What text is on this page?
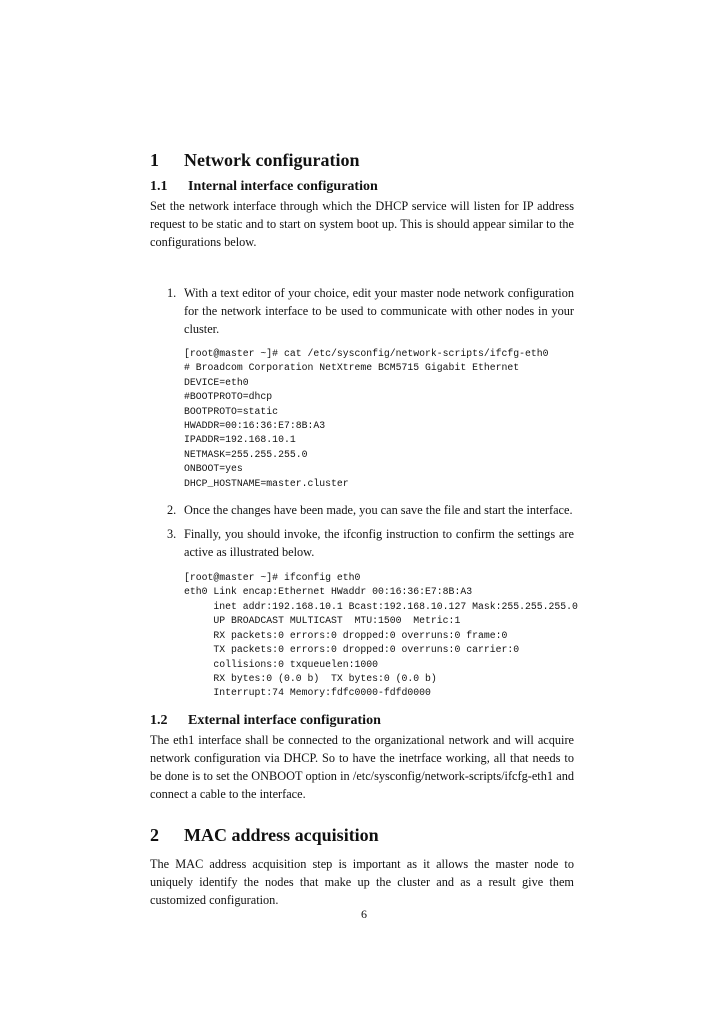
1 Network configuration
1.1 Internal interface configuration

Set the network interface through which the DHCP service will listen for IP address request to be static and to start on system boot up. This is should appear similar to the configurations below.

1. With a text editor of your choice, edit your master node network configuration for the network interface to be used to communicate with other nodes in your cluster.
[root@master ~]# cat /etc/sysconfig/network-scripts/ifcfg-eth0
# Broadcom Corporation NetXtreme BCM5715 Gigabit Ethernet
DEVICE=eth0
#BOOTPROTO=dhcp
BOOTPROTO=static
HWADDR=00:16:36:E7:8B:A3
IPADDR=192.168.10.1
NETMASK=255.255.255.0
ONBOOT=yes
DHCP_HOSTNAME=master.cluster
2. Once the changes have been made, you can save the file and start the interface.
3. Finally, you should invoke, the ifconfig instruction to confirm the settings are active as illustrated below.
[root@master ~]# ifconfig eth0
eth0 Link encap:Ethernet HWaddr 00:16:36:E7:8B:A3
inet addr:192.168.10.1 Bcast:192.168.10.127 Mask:255.255.255.0
UP BROADCAST MULTICAST  MTU:1500  Metric:1
RX packets:0 errors:0 dropped:0 overruns:0 frame:0
TX packets:0 errors:0 dropped:0 overruns:0 carrier:0
collisions:0 txqueuelen:1000
RX bytes:0 (0.0 b)  TX bytes:0 (0.0 b)
Interrupt:74 Memory:fdfc0000-fdfd0000
1.2 External interface configuration

The eth1 interface shall be connected to the organizational network and will acquire network configuration via DHCP. So to have the inetrface working, all that needs to be done is to set the ONBOOT option in /etc/sysconfig/network-scripts/ifcfg-eth1 and connect a cable to the interface.

2 MAC address acquisition

The MAC address acquisition step is important as it allows the master node to uniquely identify the nodes that make up the cluster and as a result give them customized configuration.

6
